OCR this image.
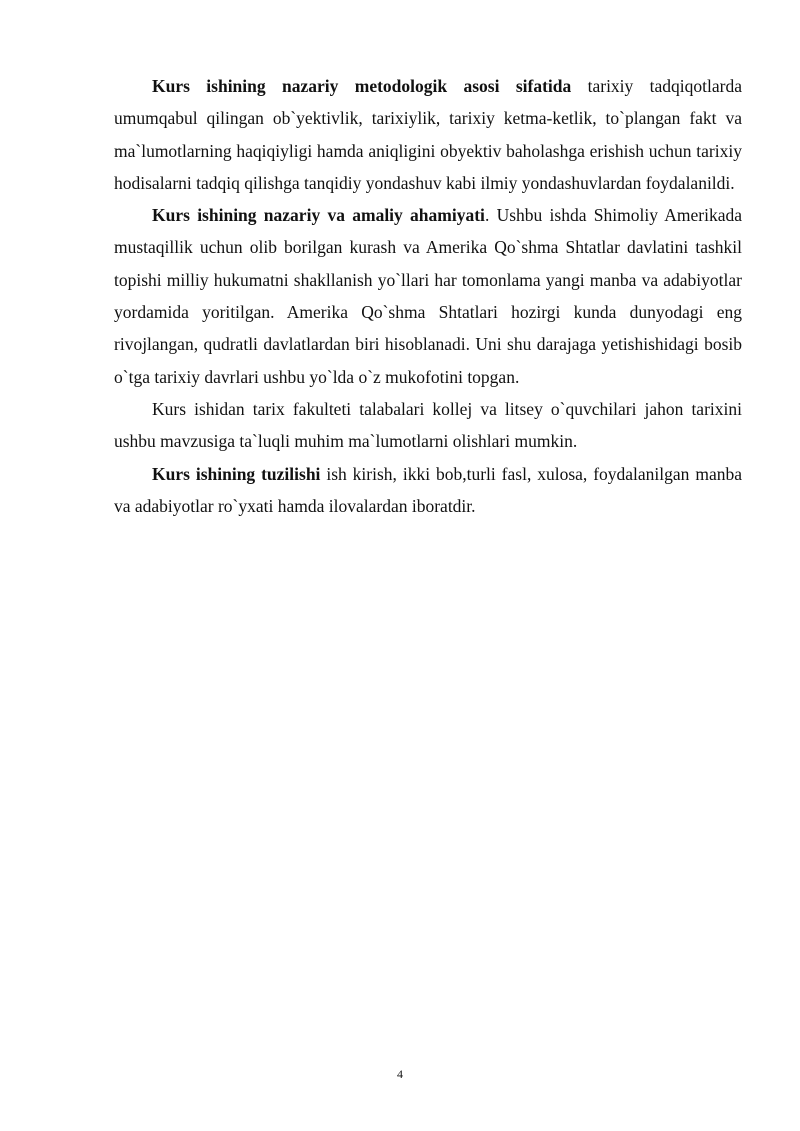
Kurs ishining nazariy metodologik asosi sifatida tarixiy tadqiqotlarda umumqabul qilingan ob`yektivlik, tarixiylik, tarixiy ketma-ketlik, to`plangan fakt va ma`lumotlarning haqiqiyligi hamda aniqligini obyektiv baholashga erishish uchun tarixiy hodisalarni tadqiq qilishga tanqidiy yondashuv kabi ilmiy yondashuvlardan foydalanildi.

Kurs ishining nazariy va amaliy ahamiyati. Ushbu ishda Shimoliy Amerikada mustaqillik uchun olib borilgan kurash va Amerika Qo`shma Shtatlar davlatini tashkil topishi milliy hukumatni shakllanish yo`llari har tomonlama yangi manba va adabiyotlar yordamida yoritilgan. Amerika Qo`shma Shtatlari hozirgi kunda dunyodagi eng rivojlangan, qudratli davlatlardan biri hisoblanadi. Uni shu darajaga yetishishidagi bosib o`tga tarixiy davrlari ushbu yo`lda o`z mukofotini topgan.

Kurs ishidan tarix fakulteti talabalari kollej va litsey o`quvchilari jahon tarixini ushbu mavzusiga ta`luqli muhim ma`lumotlarni olishlari mumkin.

Kurs ishining tuzilishi ish kirish, ikki bob,turli fasl, xulosa, foydalanilgan manba va adabiyotlar ro`yxati hamda ilovalardan iboratdir.

4
